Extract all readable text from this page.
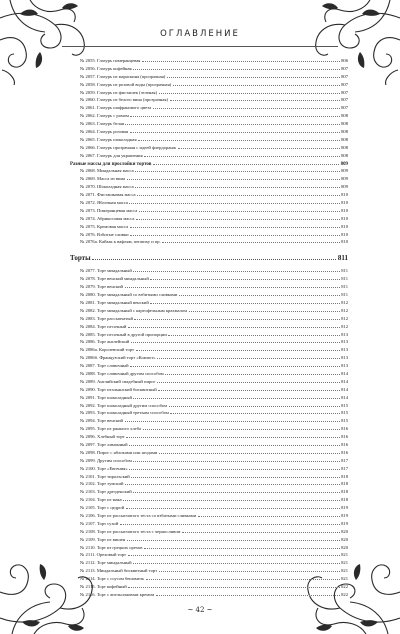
ОГЛАВЛЕНИЕ
№ 2055. Глазурь померанцевая	806
№ 2056. Глазурь кофейная	807
№ 2057. Глазурь из мараскина (прозрачная)	807
№ 2058. Глазурь из розовой воды (прозрачная)	807
№ 2059. Глазурь из фисташек (зеленая)	807
№ 2060. Глазурь из белого вина (прозрачная)	807
№ 2061. Глазурь шафранового цвета	807
№ 2062. Глазурь с ромом	808
№ 2063. Глазурь белая	808
№ 2064. Глазурь розовая	808
№ 2065. Глазурь шоколадная	808
№ 2066. Глазурь прозрачная с идеей флердоранж	808
№ 2067. Глазурь для украшения	808
Разные массы для прослойки тортов	809
№ 2068. Миндальная масса	809
№ 2069. Масса из вина	809
№ 2070. Шоколадная масса	809
№ 2071. Фисташковая масса	810
№ 2072. Яблочная масса	810
№ 2073. Померанцевая масса	810
№ 2074. Абрикосовая масса	810
№ 2075. Кремовая масса	810
№ 2076. Взбитые сливки	810
№ 2076а. Кайзак к вафлям, пеппиху и пр.	810
Торты	811
№ 2077. Торт миндальный	811
№ 2078. Торт венский миндальный	811
№ 2079. Торт венский	811
№ 2080. Торт миндальный со взбитыми сливками	811
№ 2081. Торт миндальный венский	812
№ 2082. Торт миндальный с картофельным крахмалом	812
№ 2083. Торт рассыпчатый	812
№ 2084. Торт песочный	812
№ 2085. Торт песочный в другой пропорции	813
№ 2086. Торт англейский	813
№ 2086а. Королевский торт	813
№ 2086б. Французский торт «Компот»	813
№ 2087. Торт сливочный	813
№ 2088. Торт сливочный другим способом	814
№ 2089. Английский свадебный пирог	814
№ 2090. Торт итальянский бисквитный	814
№ 2091. Торт шоколадный	814
№ 2092. Торт шоколадный другим способом	815
№ 2093. Торт шоколадный третьим способом	815
№ 2094. Торт венский	815
№ 2095. Торт из ржаного хлеба	816
№ 2096. Хлебный торт	816
№ 2097. Торт лимонный	816
№ 2098. Пирог с яблоками или ягодами	816
№ 2099. Другим способом	817
№ 2100. Торт «Евгения»	817
№ 2101. Торт тирольский	818
№ 2102. Торт тумский	818
№ 2103. Торт дрезденский	818
№ 2104. Торт из мака	818
№ 2105. Торт с цедрой	819
№ 2106. Торт из рассыпчатого теста со взбитыми сливками	819
№ 2107. Торт сухой	819
№ 2108. Торт из рассыпчатого теста с черносливом	820
№ 2109. Торт из вишен	820
№ 2110. Торт из грецких орехов	820
№ 2111. Ореховый торт	821
№ 2112. Торт миндальный	821
№ 2113. Миндальный бисквитный торт	821
№ 2114. Торт с соусом бешамель	821
№ 2115. Торт кофейный	822
№ 2116. Торт с апельсиновым кремом	822
~ 42 ~
